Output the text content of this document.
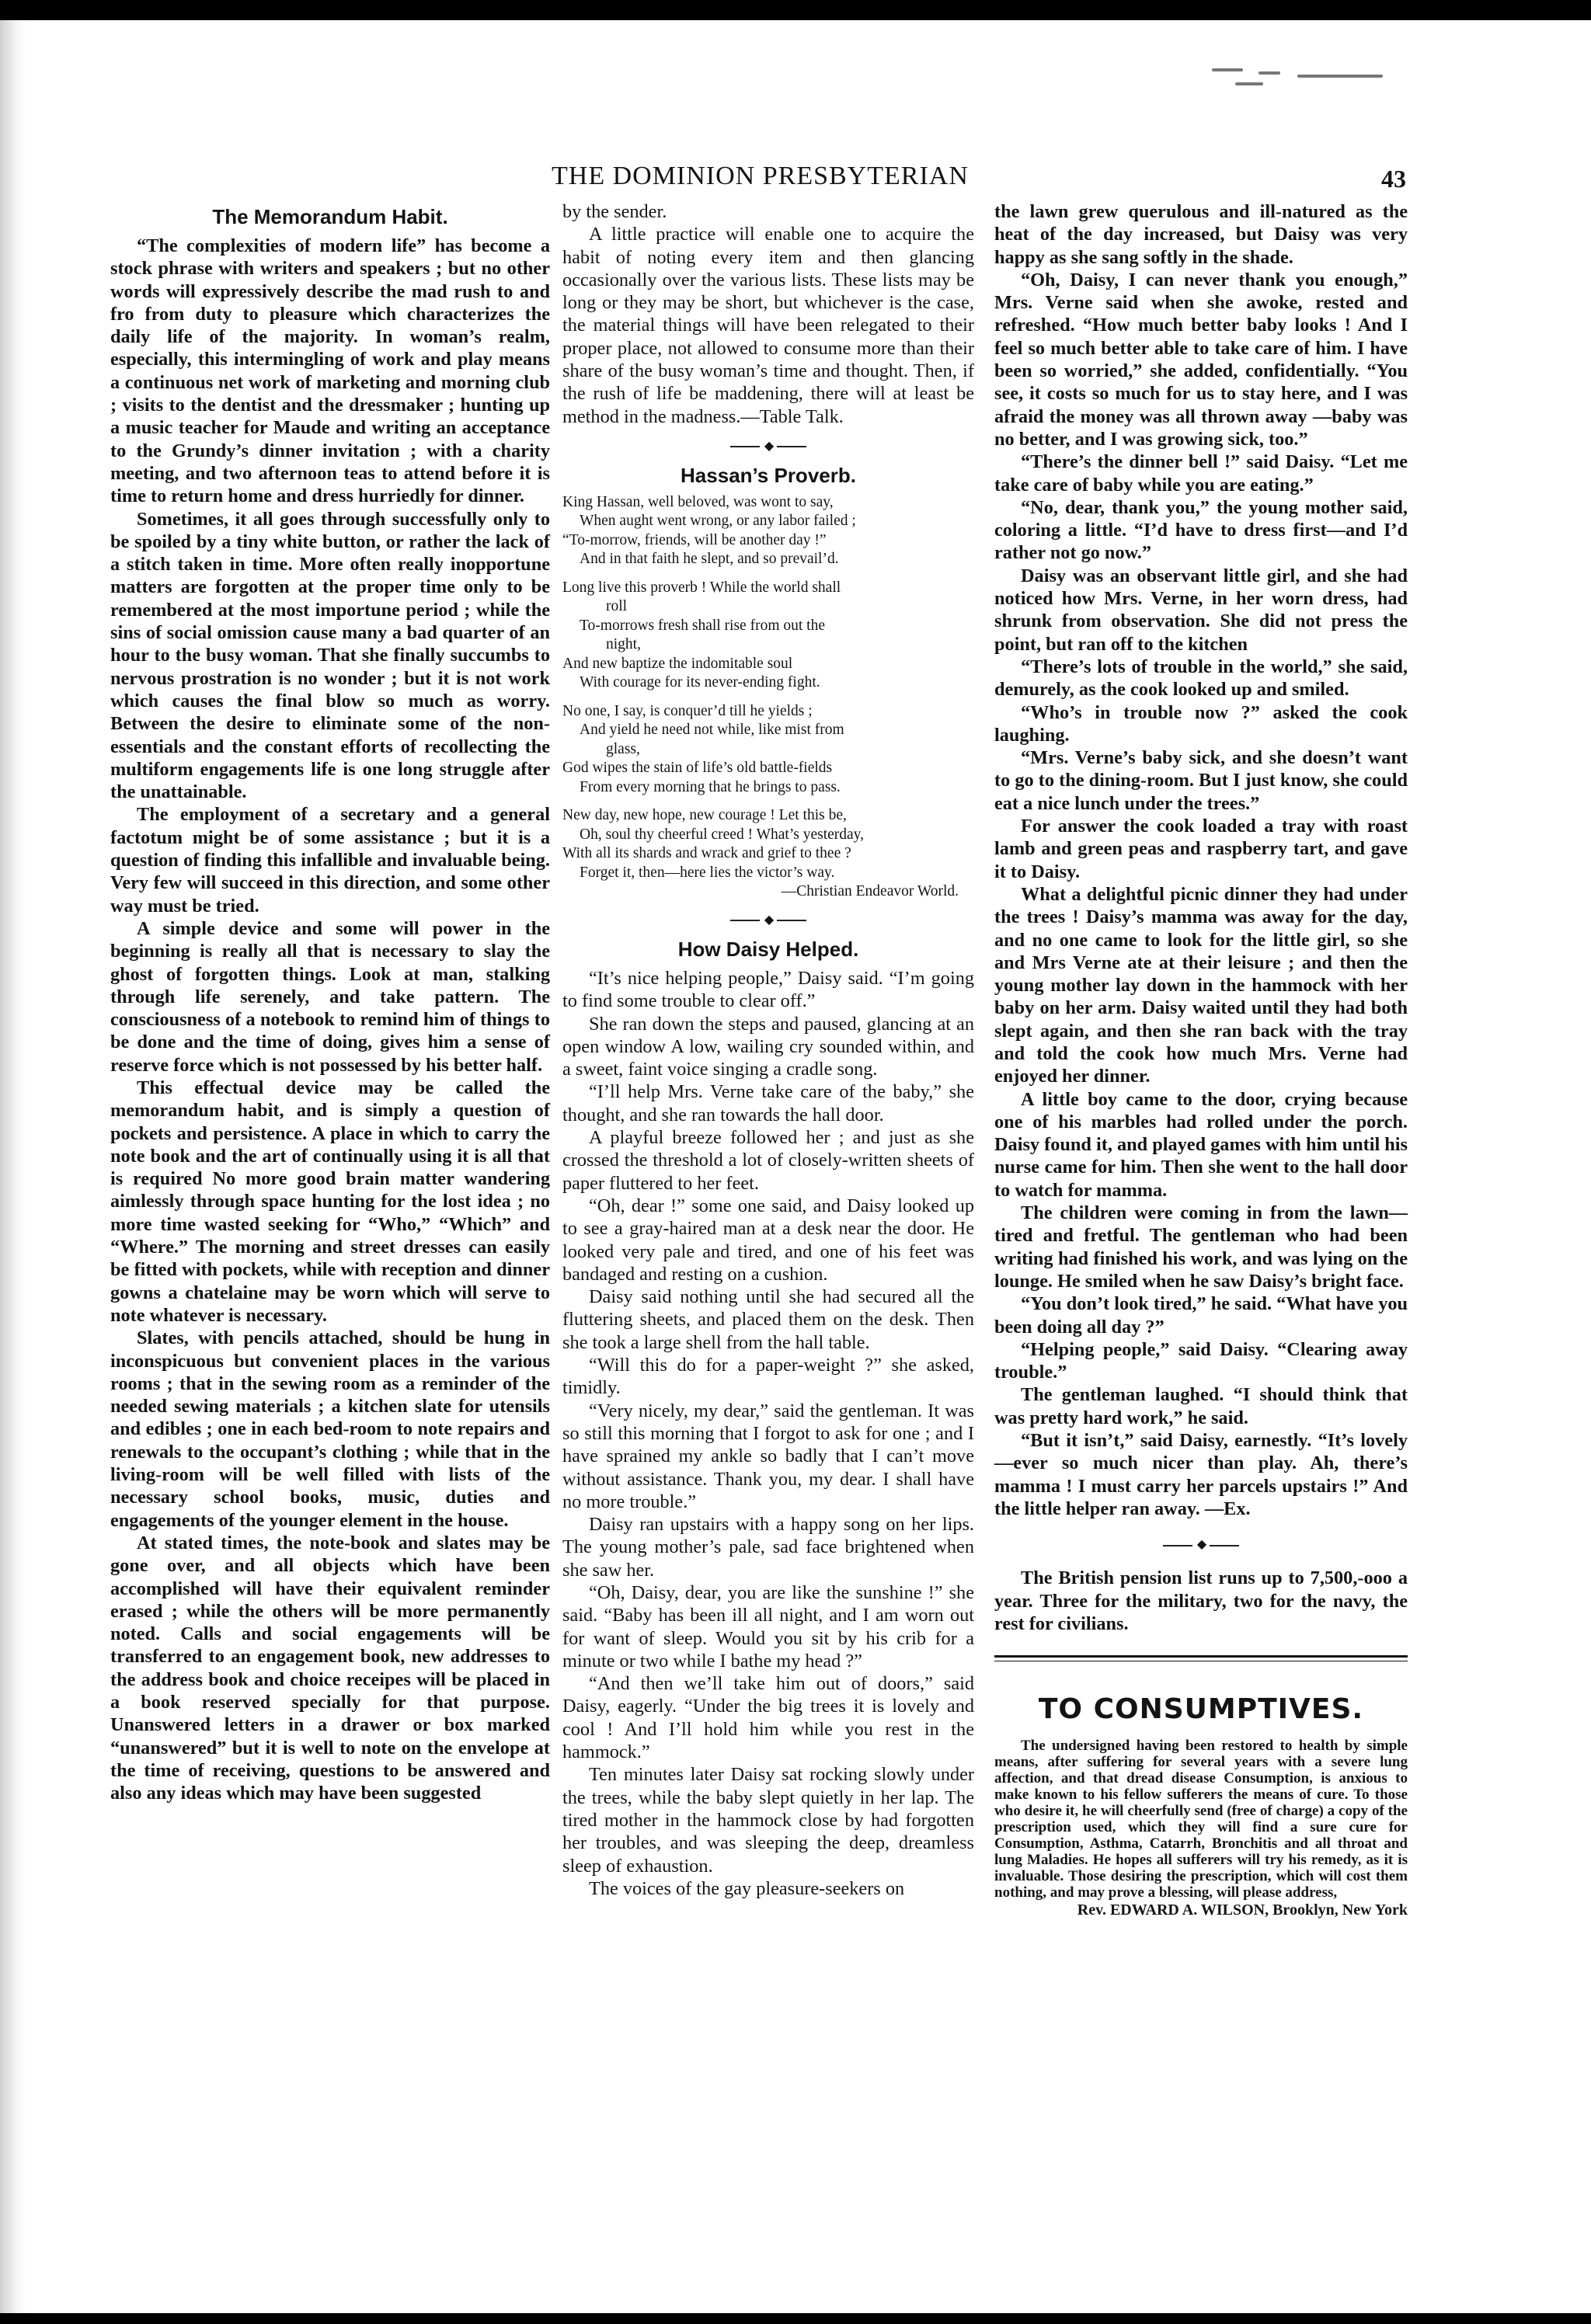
THE DOMINION PRESBYTERIAN	43
The Memorandum Habit.

“The complexities of modern life” has become a stock phrase with writers and speakers ; but no other words will expressively describe the mad rush to and fro from duty to pleasure which characterizes the daily life of the majority. In woman’s realm, especially, this intermingling of work and play means a continuous net work of marketing and morning club ; visits to the dentist and the dressmaker ; hunting up a music teacher for Maude and writing an acceptance to the Grundy’s dinner invitation ; with a charity meeting, and two afternoon teas to attend before it is time to return home and dress hurriedly for dinner.

Sometimes, it all goes through successfully only to be spoiled by a tiny white button, or rather the lack of a stitch taken in time. More often really inopportune matters are forgotten at the proper time only to be remembered at the most importune period ; while the sins of social omission cause many a bad quarter of an hour to the busy woman. That she finally succumbs to nervous prostration is no wonder ; but it is not work which causes the final blow so much as worry. Between the desire to eliminate some of the non-essentials and the constant efforts of recollecting the multiform engagements life is one long struggle after the unattainable.

The employment of a secretary and a general factotum might be of some assistance ; but it is a question of finding this infallible and invaluable being. Very few will succeed in this direction, and some other way must be tried.

A simple device and some will power in the beginning is really all that is necessary to slay the ghost of forgotten things. Look at man, stalking through life serenely, and take pattern. The consciousness of a notebook to remind him of things to be done and the time of doing, gives him a sense of reserve force which is not possessed by his better half.

This effectual device may be called the memorandum habit, and is simply a question of pockets and persistence. A place in which to carry the note book and the art of continually using it is all that is required No more good brain matter wandering aimlessly through space hunting for the lost idea ; no more time wasted seeking for “Who,” “Which” and “Where.” The morning and street dresses can easily be fitted with pockets, while with reception and dinner gowns a chatelaine may be worn which will serve to note whatever is necessary.

Slates, with pencils attached, should be hung in inconspicuous but convenient places in the various rooms ; that in the sewing room as a reminder of the needed sewing materials ; a kitchen slate for utensils and edibles ; one in each bed-room to note repairs and renewals to the occupant’s clothing ; while that in the living-room will be well filled with lists of the necessary school books, music, duties and engagements of the younger element in the house.

At stated times, the note-book and slates may be gone over, and all objects which have been accomplished will have their equivalent reminder erased ; while the others will be more permanently noted. Calls and social engagements will be transferred to an engagement book, new addresses to the address book and choice receipes will be placed in a book reserved specially for that purpose. Unanswered letters in a drawer or box marked “unanswered” but it is well to note on the envelope at the time of receiving, questions to be answered and also any ideas which may have been suggested

by the sender.

A little practice will enable one to acquire the habit of noting every item and then glancing occasionally over the various lists. These lists may be long or they may be short, but whichever is the case, the material things will have been relegated to their proper place, not allowed to consume more than their share of the busy woman’s time and thought. Then, if the rush of life be maddening, there will at least be method in the madness.—Table Talk.

◆
Hassan’s Proverb.
King Hassan, well beloved, was wont to say,
When aught went wrong, or any labor failed ;
“To-morrow, friends, will be another day !”
And in that faith he slept, and so prevail’d.
Long live this proverb ! While the world shall
roll
To-morrows fresh shall rise from out the
night,
And new baptize the indomitable soul
With courage for its never-ending fight.
No one, I say, is conquer’d till he yields ;
And yield he need not while, like mist from
glass,
God wipes the stain of life’s old battle-fields
From every morning that he brings to pass.
New day, new hope, new courage ! Let this be,
Oh, soul thy cheerful creed ! What’s yesterday,
With all its shards and wrack and grief to thee ?
Forget it, then—here lies the victor’s way.
—Christian Endeavor World.
◆
How Daisy Helped.

“It’s nice helping people,” Daisy said. “I’m going to find some trouble to clear off.”

She ran down the steps and paused, glancing at an open window A low, wailing cry sounded within, and a sweet, faint voice singing a cradle song.

“I’ll help Mrs. Verne take care of the baby,” she thought, and she ran towards the hall door.

A playful breeze followed her ; and just as she crossed the threshold a lot of closely-written sheets of paper fluttered to her feet.

“Oh, dear !” some one said, and Daisy looked up to see a gray-haired man at a desk near the door. He looked very pale and tired, and one of his feet was bandaged and resting on a cushion.

Daisy said nothing until she had secured all the fluttering sheets, and placed them on the desk. Then she took a large shell from the hall table.

“Will this do for a paper-weight ?” she asked, timidly.

“Very nicely, my dear,” said the gentleman. It was so still this morning that I forgot to ask for one ; and I have sprained my ankle so badly that I can’t move without assistance. Thank you, my dear. I shall have no more trouble.”

Daisy ran upstairs with a happy song on her lips. The young mother’s pale, sad face brightened when she saw her.

“Oh, Daisy, dear, you are like the sunshine !” she said. “Baby has been ill all night, and I am worn out for want of sleep. Would you sit by his crib for a minute or two while I bathe my head ?”

“And then we’ll take him out of doors,” said Daisy, eagerly. “Under the big trees it is lovely and cool ! And I’ll hold him while you rest in the hammock.”

Ten minutes later Daisy sat rocking slowly under the trees, while the baby slept quietly in her lap. The tired mother in the hammock close by had forgotten her troubles, and was sleeping the deep, dreamless sleep of exhaustion.

The voices of the gay pleasure-seekers on

the lawn grew querulous and ill-natured as the heat of the day increased, but Daisy was very happy as she sang softly in the shade.

“Oh, Daisy, I can never thank you enough,” Mrs. Verne said when she awoke, rested and refreshed. “How much better baby looks ! And I feel so much better able to take care of him. I have been so worried,” she added, confidentially. “You see, it costs so much for us to stay here, and I was afraid the money was all thrown away —baby was no better, and I was growing sick, too.”

“There’s the dinner bell !” said Daisy. “Let me take care of baby while you are eating.”

“No, dear, thank you,” the young mother said, coloring a little. “I’d have to dress first—and I’d rather not go now.”

Daisy was an observant little girl, and she had noticed how Mrs. Verne, in her worn dress, had shrunk from observation. She did not press the point, but ran off to the kitchen

“There’s lots of trouble in the world,” she said, demurely, as the cook looked up and smiled.

“Who’s in trouble now ?” asked the cook laughing.

“Mrs. Verne’s baby sick, and she doesn’t want to go to the dining-room. But I just know, she could eat a nice lunch under the trees.”

For answer the cook loaded a tray with roast lamb and green peas and raspberry tart, and gave it to Daisy.

What a delightful picnic dinner they had under the trees ! Daisy’s mamma was away for the day, and no one came to look for the little girl, so she and Mrs Verne ate at their leisure ; and then the young mother lay down in the hammock with her baby on her arm. Daisy waited until they had both slept again, and then she ran back with the tray and told the cook how much Mrs. Verne had enjoyed her dinner.

A little boy came to the door, crying because one of his marbles had rolled under the porch. Daisy found it, and played games with him until his nurse came for him. Then she went to the hall door to watch for mamma.

The children were coming in from the lawn—tired and fretful. The gentleman who had been writing had finished his work, and was lying on the lounge. He smiled when he saw Daisy’s bright face.

“You don’t look tired,” he said. “What have you been doing all day ?”

“Helping people,” said Daisy. “Clearing away trouble.”

The gentleman laughed. “I should think that was pretty hard work,” he said.

“But it isn’t,” said Daisy, earnestly. “It’s lovely—ever so much nicer than play. Ah, there’s mamma ! I must carry her parcels upstairs !” And the little helper ran away. —Ex.

◆

The British pension list runs up to 7,500,-ooo a year. Three for the military, two for the navy, the rest for civilians.

TO CONSUMPTIVES.

The undersigned having been restored to health by simple means, after suffering for several years with a severe lung affection, and that dread disease Consumption, is anxious to make known to his fellow sufferers the means of cure. To those who desire it, he will cheerfully send (free of charge) a copy of the prescription used, which they will find a sure cure for Consumption, Asthma, Catarrh, Bronchitis and all throat and lung Maladies. He hopes all sufferers will try his remedy, as it is invaluable. Those desiring the prescription, which will cost them nothing, and may prove a blessing, will please address,

Rev. EDWARD A. WILSON, Brooklyn, New York
